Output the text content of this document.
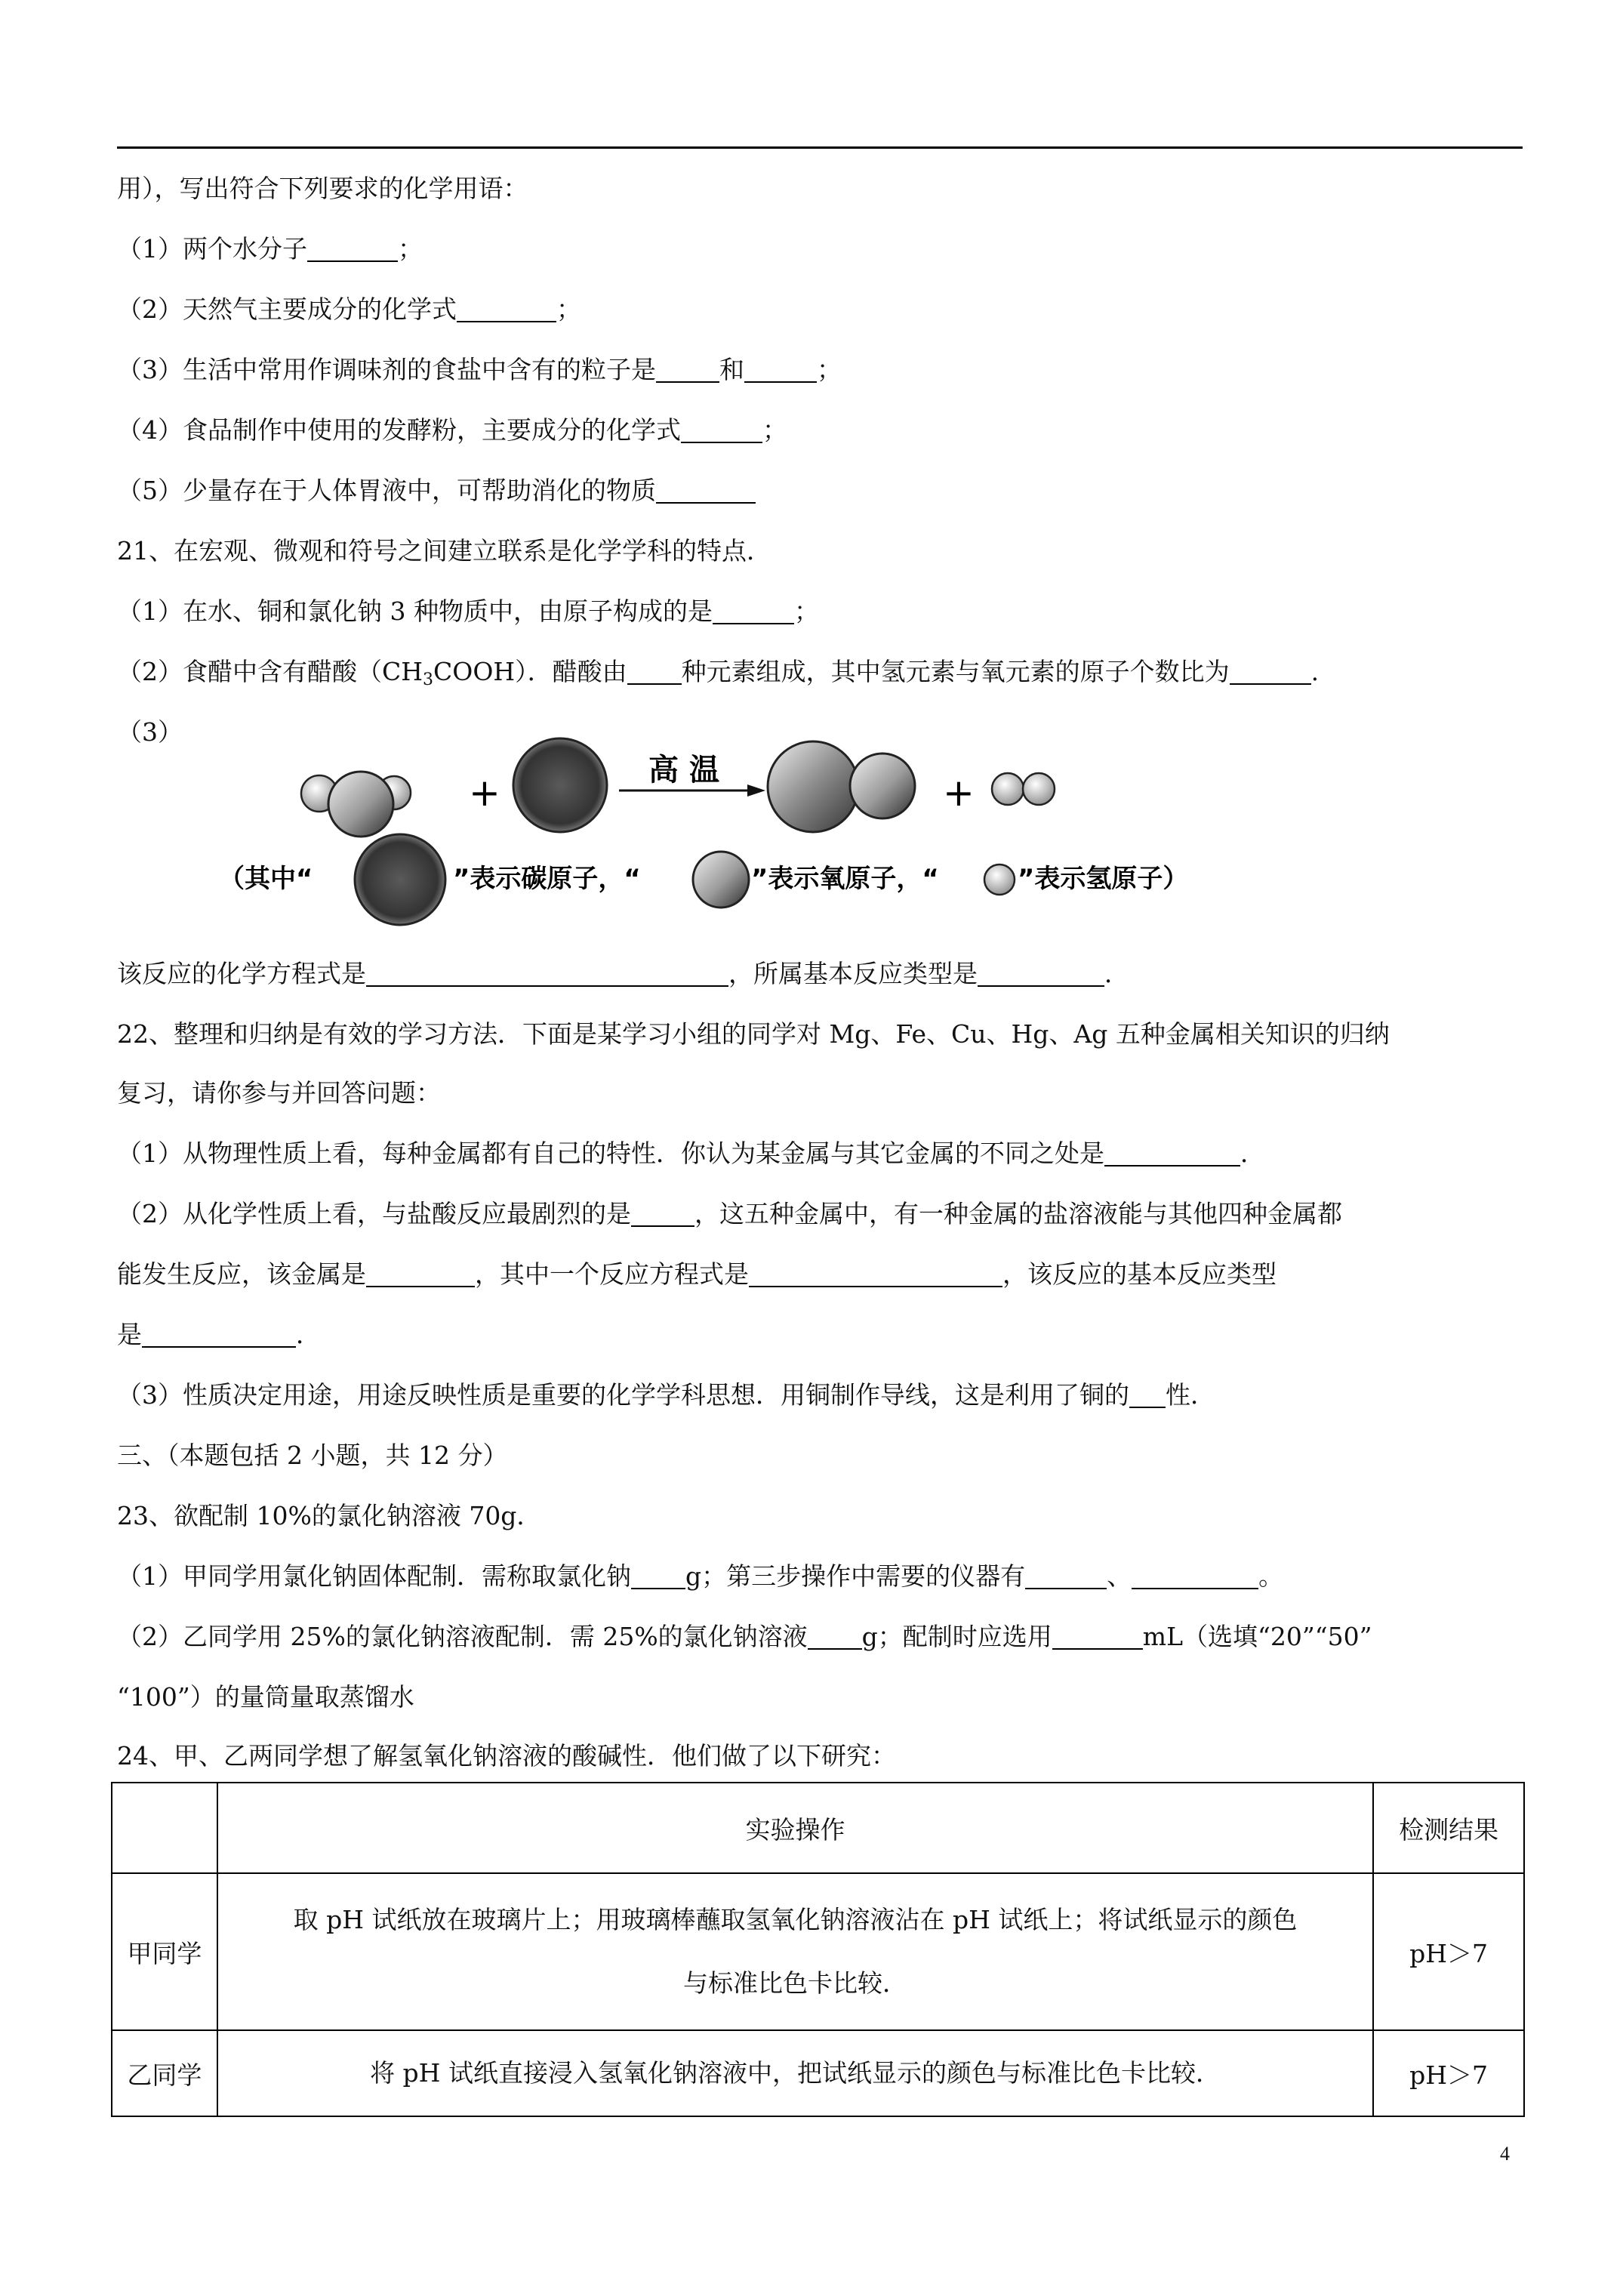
用），写出符合下列要求的化学用语：
（1）两个水分子	；
（2）天然气主要成分的化学式	；
（3）生活中常用作调味剂的食盐中含有的粒子是	和	；
（4）食品制作中使用的发酵粉，主要成分的化学式	；
（5）少量存在于人体胃液中，可帮助消化的物质
21、在宏观、微观和符号之间建立联系是化学学科的特点．
（1）在水、铜和氯化钠 3 种物质中，由原子构成的是	；
（2）食醋中含有醋酸$(CH_3COOH)$．醋酸由 种元素组成，其中氢元素与氧元素的原子个数比为	.
（3）
+
高 温
+
（其中“	”表示碳原子，“	”表示氧原子，“	”表示氢原子）
该反应的化学方程式是	，所属基本反应类型是	．
22、整理和归纳是有效的学习方法．下面是某学习小组的同学对 Mg、Fe、Cu、Hg、Ag 五种金属相关知识的归纳
复习，请你参与并回答问题：
（1）从物理性质上看，每种金属都有自己的特性．你认为某金属与其它金属的不同之处是	．
（2）从化学性质上看，与盐酸反应最剧烈的是	，这五种金属中，有一种金属的盐溶液能与其他四种金属都
能发生反应，该金属是	，其中一个反应方程式是	，该反应的基本反应类型
是	．
（3）性质决定用途，用途反映性质是重要的化学学科思想．用铜制作导线，这是利用了铜的 性．
三、（本题包括 2 小题，共 12 分）
23、欲配制 10%的氯化钠溶液 70g．
（1）甲同学用氯化钠固体配制．需称取氯化钠 g；第三步操作中需要的仪器有	、	。
（2）乙同学用 25%的氯化钠溶液配制．需 25%的氯化钠溶液 g；配制时应选用	mL（选填“20”“50”
“100”）的量筒量取蒸馏水
24、甲、乙两同学想了解氢氧化钠溶液的酸碱性．他们做了以下研究：
	实验操作	检测结果
甲同学	取 pH 试纸放在玻璃片上；用玻璃棒蘸取氢氧化钠溶液沾在 pH 试纸上；将试纸显示的颜色
与标准比色卡比较．	pH＞7
乙同学	将 pH 试纸直接浸入氢氧化钠溶液中，把试纸显示的颜色与标准比色卡比较．	pH＞7
4
